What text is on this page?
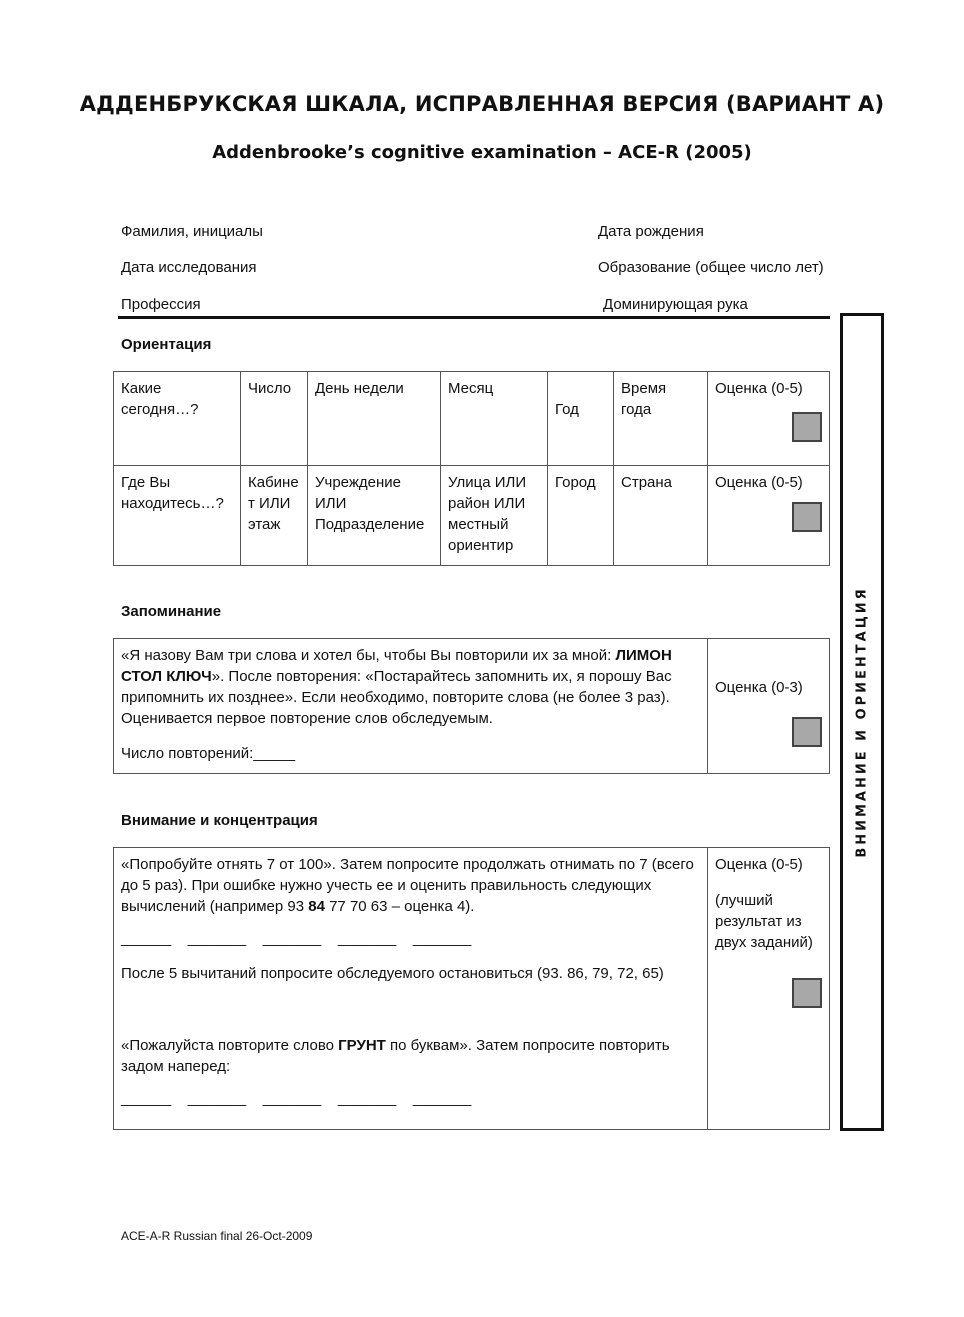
АДДЕНБРУКСКАЯ ШКАЛА, ИСПРАВЛЕННАЯ ВЕРСИЯ (ВАРИАНТ А)
Addenbrooke’s cognitive examination – ACE-R (2005)
Фамилия, инициалы	Дата рождения
Дата исследования	Образование (общее число лет)
Профессия	Доминирующая рука
ВНИМАНИЕ И ОРИЕНТАЦИЯ
Ориентация
Какие сегодня…?	Число	День недели	Месяц	Год	Время года	Оценка (0-5)

Где Вы находитесь…?	Кабине т ИЛИ этаж	Учреждение ИЛИ Подразделение	Улица ИЛИ район ИЛИ местный ориентир	Город	Страна	Оценка (0-5)
Запоминание
«Я назову Вам три слова и хотел бы, чтобы Вы повторили их за мной: ЛИМОН СТОЛ КЛЮЧ». После повторения: «Постарайтесь запомнить их, я порошу Вас припомнить их позднее». Если необходимо, повторите слова (не более 3 раз). Оценивается первое повторение слов обследуемым.
Число повторений:_____

Оценка (0-3)
Внимание и концентрация
«Попробуйте отнять 7 от 100». Затем попросите продолжать отнимать по 7 (всего до 5 раз). При ошибке нужно учесть ее и оценить правильность следующих вычислений (например 93 84 77 70 63 – оценка 4).
______    _______    _______    _______    _______
После 5 вычитаний попросите обследуемого остановиться (93. 86, 79, 72, 65)
«Пожалуйста повторите слово ГРУНТ по буквам». Затем попросите повторить задом наперед:
______    _______    _______    _______    _______

Оценка (0-5)
(лучший результат из двух заданий)
ACE-A-R Russian final 26-Oct-2009
